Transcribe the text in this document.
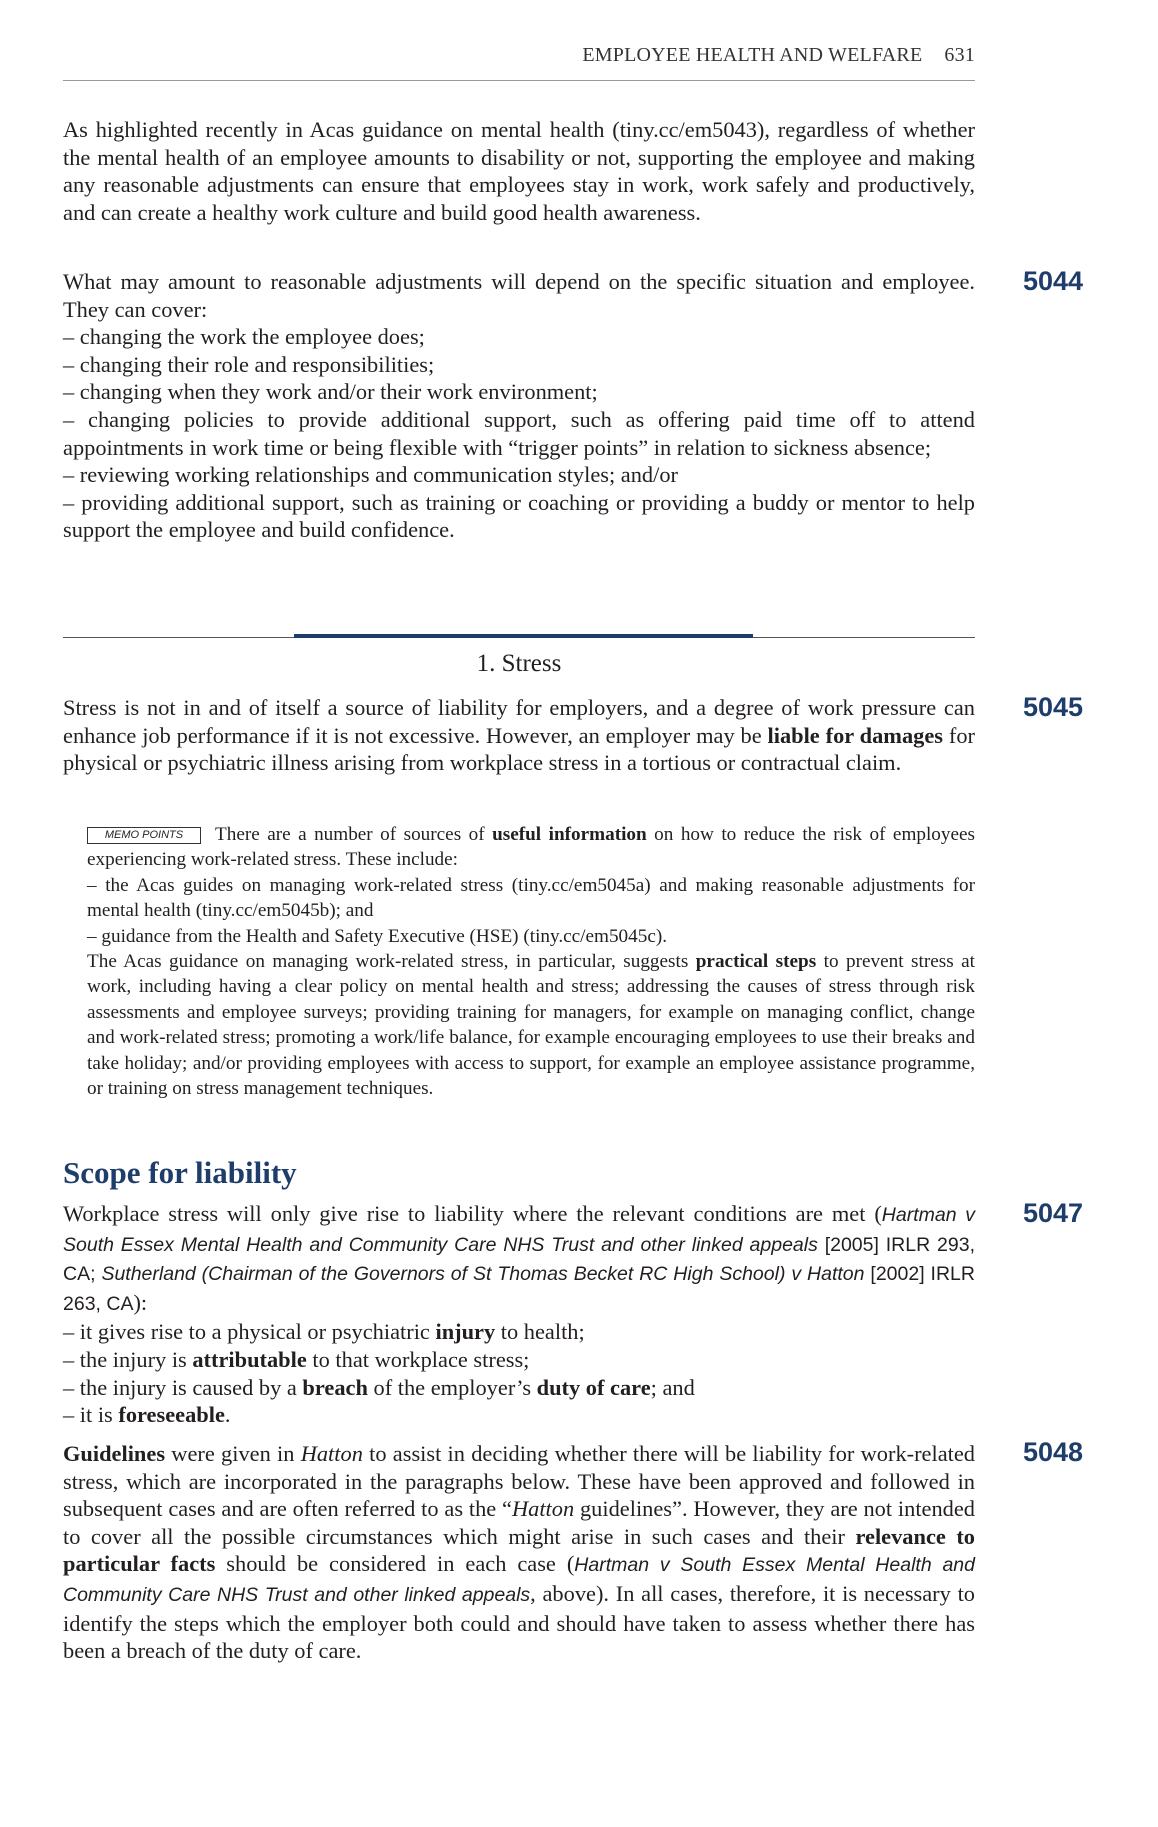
EMPLOYEE HEALTH AND WELFARE 631

As highlighted recently in Acas guidance on mental health (tiny.cc/em5043), regardless of whether the mental health of an employee amounts to disability or not, supporting the employee and making any reasonable adjustments can ensure that employees stay in work, work safely and productively, and can create a healthy work culture and build good health awareness.

5044

What may amount to reasonable adjustments will depend on the specific situation and employee. They can cover:

– changing the work the employee does;
– changing their role and responsibilities;
– changing when they work and/or their work environment;
– changing policies to provide additional support, such as offering paid time off to attend appointments in work time or being flexible with “trigger points” in relation to sickness absence;
– reviewing working relationships and communication styles; and/or
– providing additional support, such as training or coaching or providing a buddy or mentor to help support the employee and build confidence.
1. Stress
5045

Stress is not in and of itself a source of liability for employers, and a degree of work pressure can enhance job performance if it is not excessive. However, an employer may be liable for damages for physical or psychiatric illness arising from workplace stress in a tortious or contractual claim.

MEMO POINTS There are a number of sources of useful information on how to reduce the risk of employees experiencing work-related stress. These include:

– the Acas guides on managing work-related stress (tiny.cc/em5045a) and making reasonable adjustments for mental health (tiny.cc/em5045b); and
– guidance from the Health and Safety Executive (HSE) (tiny.cc/em5045c).

The Acas guidance on managing work-related stress, in particular, suggests practical steps to prevent stress at work, including having a clear policy on mental health and stress; addressing the causes of stress through risk assessments and employee surveys; providing training for managers, for example on managing conflict, change and work-related stress; promoting a work/life balance, for example encouraging employees to use their breaks and take holiday; and/or providing employees with access to support, for example an employee assistance programme, or training on stress management techniques.

Scope for liability
5047

Workplace stress will only give rise to liability where the relevant conditions are met (Hartman v South Essex Mental Health and Community Care NHS Trust and other linked appeals [2005] IRLR 293, CA; Sutherland (Chairman of the Governors of St Thomas Becket RC High School) v Hatton [2002] IRLR 263, CA):

– it gives rise to a physical or psychiatric injury to health;
– the injury is attributable to that workplace stress;
– the injury is caused by a breach of the employer’s duty of care; and
– it is foreseeable.
5048

Guidelines were given in Hatton to assist in deciding whether there will be liability for work-related stress, which are incorporated in the paragraphs below. These have been approved and followed in subsequent cases and are often referred to as the “Hatton guidelines”. However, they are not intended to cover all the possible circumstances which might arise in such cases and their relevance to particular facts should be considered in each case (Hartman v South Essex Mental Health and Community Care NHS Trust and other linked appeals, above). In all cases, therefore, it is necessary to identify the steps which the employer both could and should have taken to assess whether there has been a breach of the duty of care.
